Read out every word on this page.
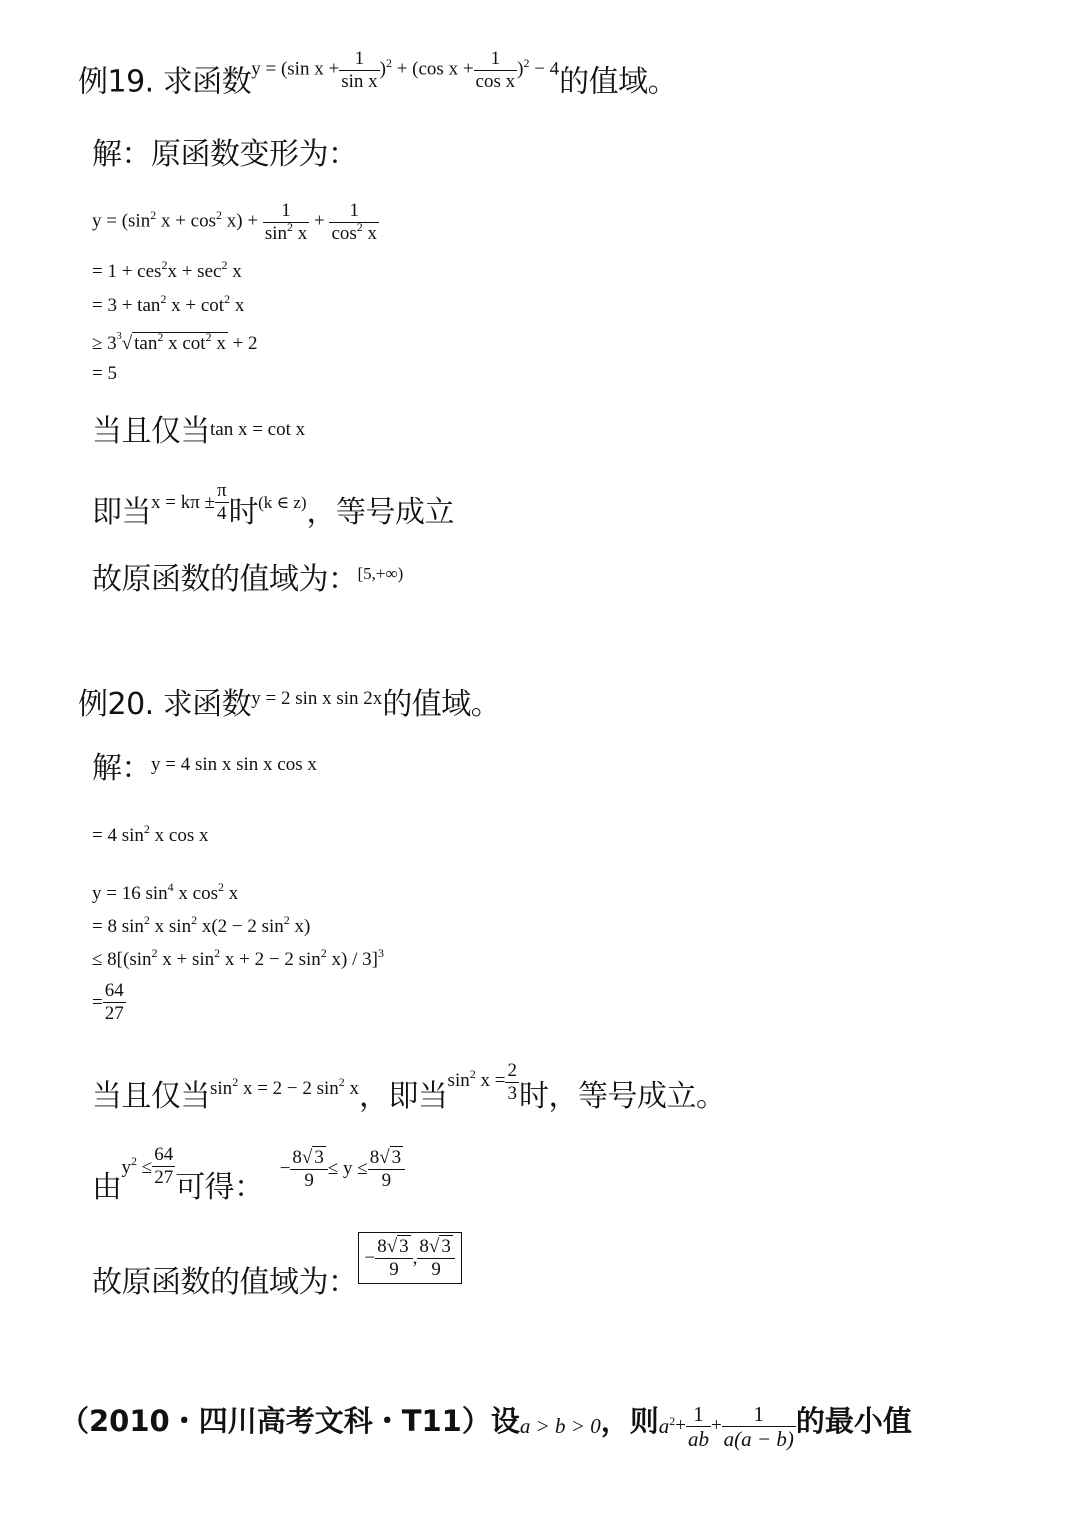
例19. 求函数y = (sin $x + \frac{1}{\text{sin x}} )^2 + (\cos$ $x + \frac{1}{\text{cos x}} )^2 - 4$的值域。
解：原函数变形为：
$y = (\sin^2$ $x + \cos^2 x) + \frac{1}{\sin^2 x} + \frac{1}{\cos^2 x}$
= $1 + ces^2x + \sec^2 x$
= $3 + \tan^2 x + \cot^2 x$
≥ $3^3√$ $\tan^2 x$ $\cot^2 x + 2$
= 5
当且仅当tan x = cot x
即当$x = k\pi \pm \frac{\pi}{4}$ 时(k ∈ z)，等号成立
故原函数的值域为：[5,+∞)
例20. 求函数y = 2 sin x sin 2x的值域。
解：y = 4 sin x sin x cos x
= 4 $\sin^2 x$ cos x
y = 16 $\sin^4 x$ $\cos^2 x$
= 8 $\sin^2 x$ $\sin^2 x(2 - 2$ $\sin^2 x$)
≤ $8[(\sin^2$ $x + \sin^2 x + 2 - 2$ $\sin^2 x) / 3]^3$
= $\frac{64}{27}$
当且仅当$\sin^2 x = 2 - 2$ $\sin^2 x$，即当$\sin^2 x = \frac{2}{3}$ 时，等号成立。
由$y^2 \le \frac{64}{27}$ 可得：− $\frac{8√ 3}{9} \le y \le \frac{8√ 3}{9}$
故原函数的值域为：− $\frac{8√ 3}{9}$ , $\frac{8√ 3}{9}$
（2010・四川高考文科・T11）设a > b > 0，则$a^2+ \frac{1}{ab} + \frac{1}{a(a - b)}$ 的最小值
